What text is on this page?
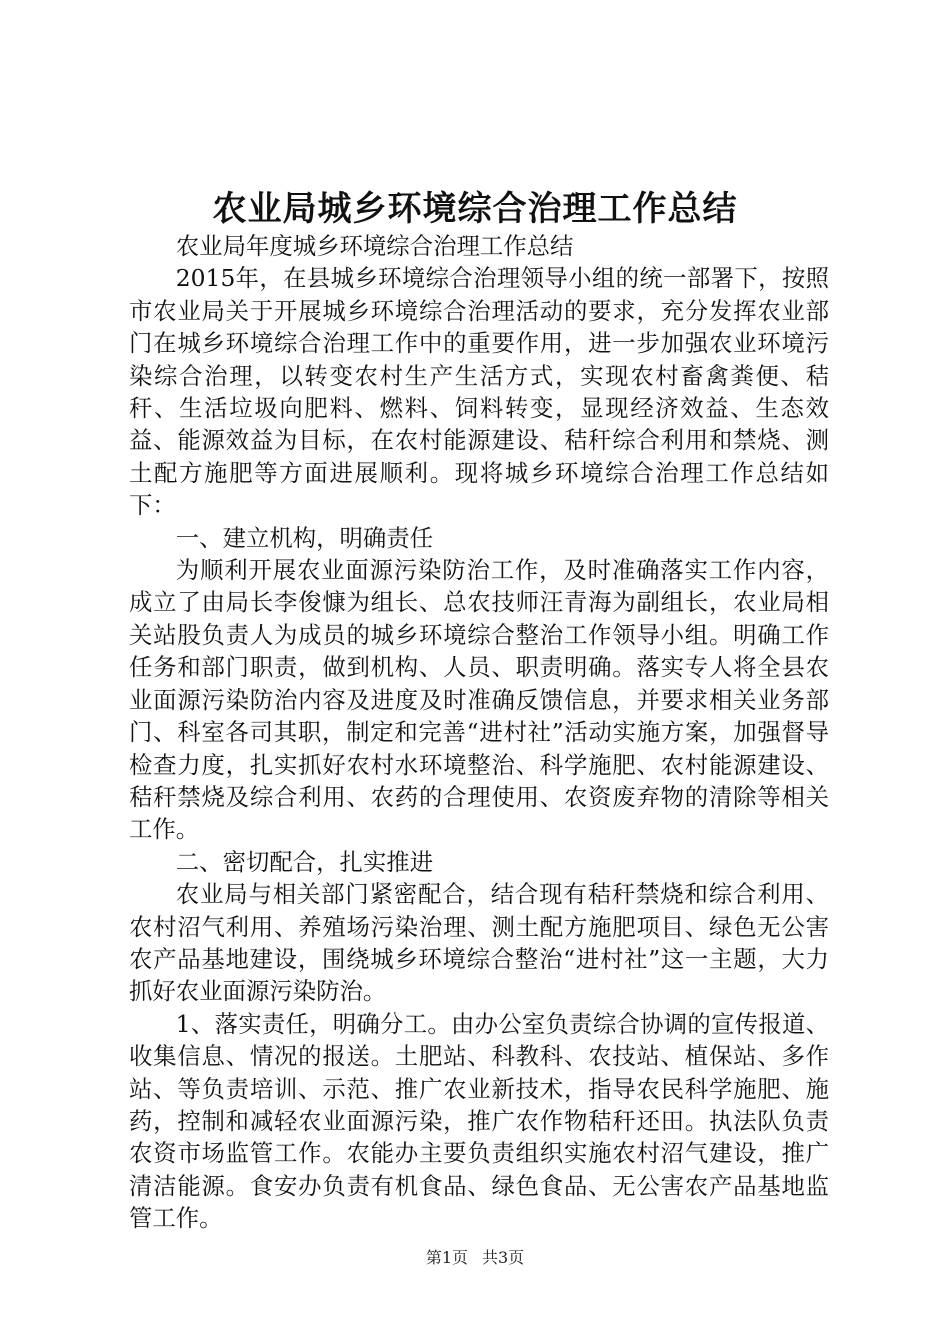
农业局城乡环境综合治理工作总结

农业局年度城乡环境综合治理工作总结

2015年，在县城乡环境综合治理领导小组的统一部署下，按照市农业局关于开展城乡环境综合治理活动的要求，充分发挥农业部门在城乡环境综合治理工作中的重要作用，进一步加强农业环境污染综合治理，以转变农村生产生活方式，实现农村畜禽粪便、秸秆、生活垃圾向肥料、燃料、饲料转变，显现经济效益、生态效益、能源效益为目标，在农村能源建设、秸秆综合利用和禁烧、测土配方施肥等方面进展顺利。现将城乡环境综合治理工作总结如下：

一、建立机构，明确责任

为顺利开展农业面源污染防治工作，及时准确落实工作内容，成立了由局长李俊慷为组长、总农技师汪青海为副组长，农业局相关站股负责人为成员的城乡环境综合整治工作领导小组。明确工作任务和部门职责，做到机构、人员、职责明确。落实专人将全县农业面源污染防治内容及进度及时准确反馈信息，并要求相关业务部门、科室各司其职，制定和完善“进村社”活动实施方案，加强督导检查力度，扎实抓好农村水环境整治、科学施肥、农村能源建设、秸秆禁烧及综合利用、农药的合理使用、农资废弃物的清除等相关工作。

二、密切配合，扎实推进

农业局与相关部门紧密配合，结合现有秸秆禁烧和综合利用、农村沼气利用、养殖场污染治理、测土配方施肥项目、绿色无公害农产品基地建设，围绕城乡环境综合整治“进村社”这一主题，大力抓好农业面源污染防治。

1、落实责任，明确分工。由办公室负责综合协调的宣传报道、收集信息、情况的报送。土肥站、科教科、农技站、植保站、多作站、等负责培训、示范、推广农业新技术，指导农民科学施肥、施药，控制和减轻农业面源污染，推广农作物秸秆还田。执法队负责农资市场监管工作。农能办主要负责组织实施农村沼气建设，推广清洁能源。食安办负责有机食品、绿色食品、无公害农产品基地监管工作。

第1页 共3页
